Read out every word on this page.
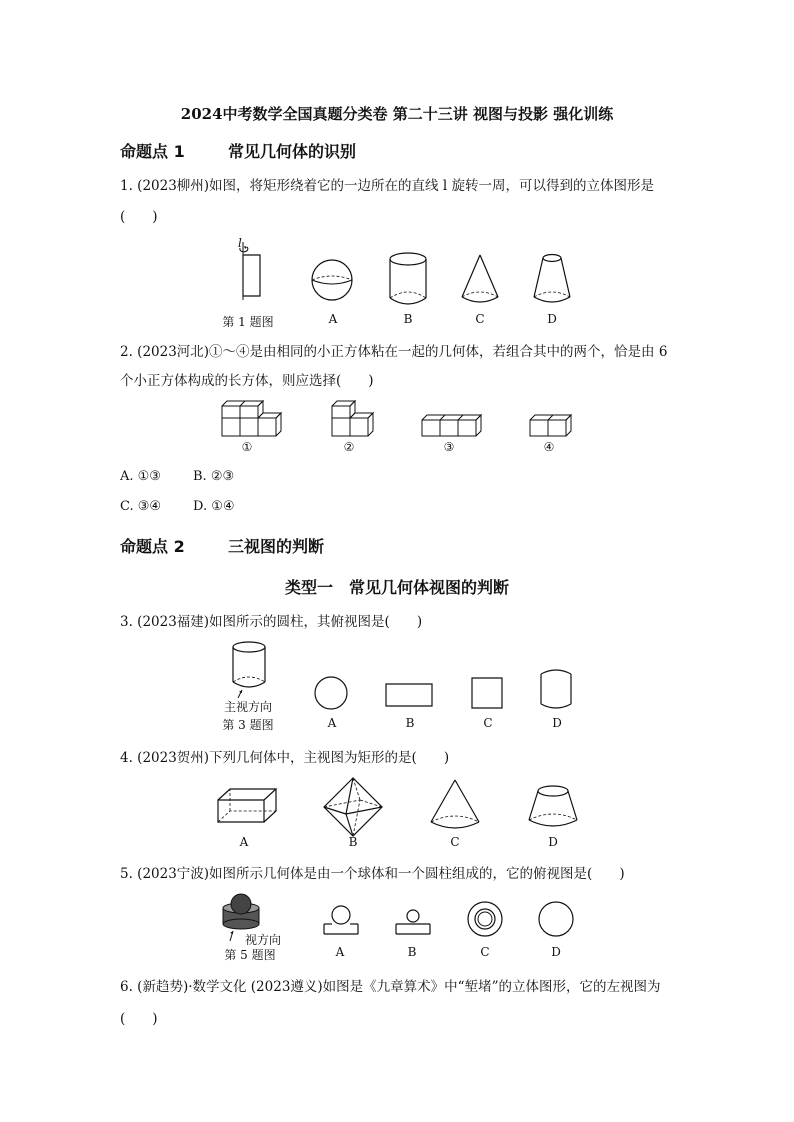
2024中考数学全国真题分类卷 第二十三讲 视图与投影 强化训练
命题点 1	常见几何体的识别
1. (2023柳州)如图，将矩形绕着它的一边所在的直线 l 旋转一周，可以得到的立体图形是
(　　)
l
第 1 题图	A	B	C	D
2. (2023河北)①～④是由相同的小正方体粘在一起的几何体，若组合其中的两个，恰是由 6
个小正方体构成的长方体，则应选择(　　)
①	②	③	④
A. ①③ B. ②③
C. ③④ D. ①④
命题点 2	三视图的判断
类型一　常见几何体视图的判断
3. (2023福建)如图所示的圆柱，其俯视图是(　　)
主视方向
第 3 题图	A	B	C	D
4. (2023贺州)下列几何体中，主视图为矩形的是(　　)
A	B	C	D
5. (2023宁波)如图所示几何体是由一个球体和一个圆柱组成的，它的俯视图是(　　)
视方向
第 5 题图	A	B	C	D
6. (新趋势)·数学文化 (2023遵义)如图是《九章算术》中“堑堵”的立体图形，它的左视图为
(　　)
